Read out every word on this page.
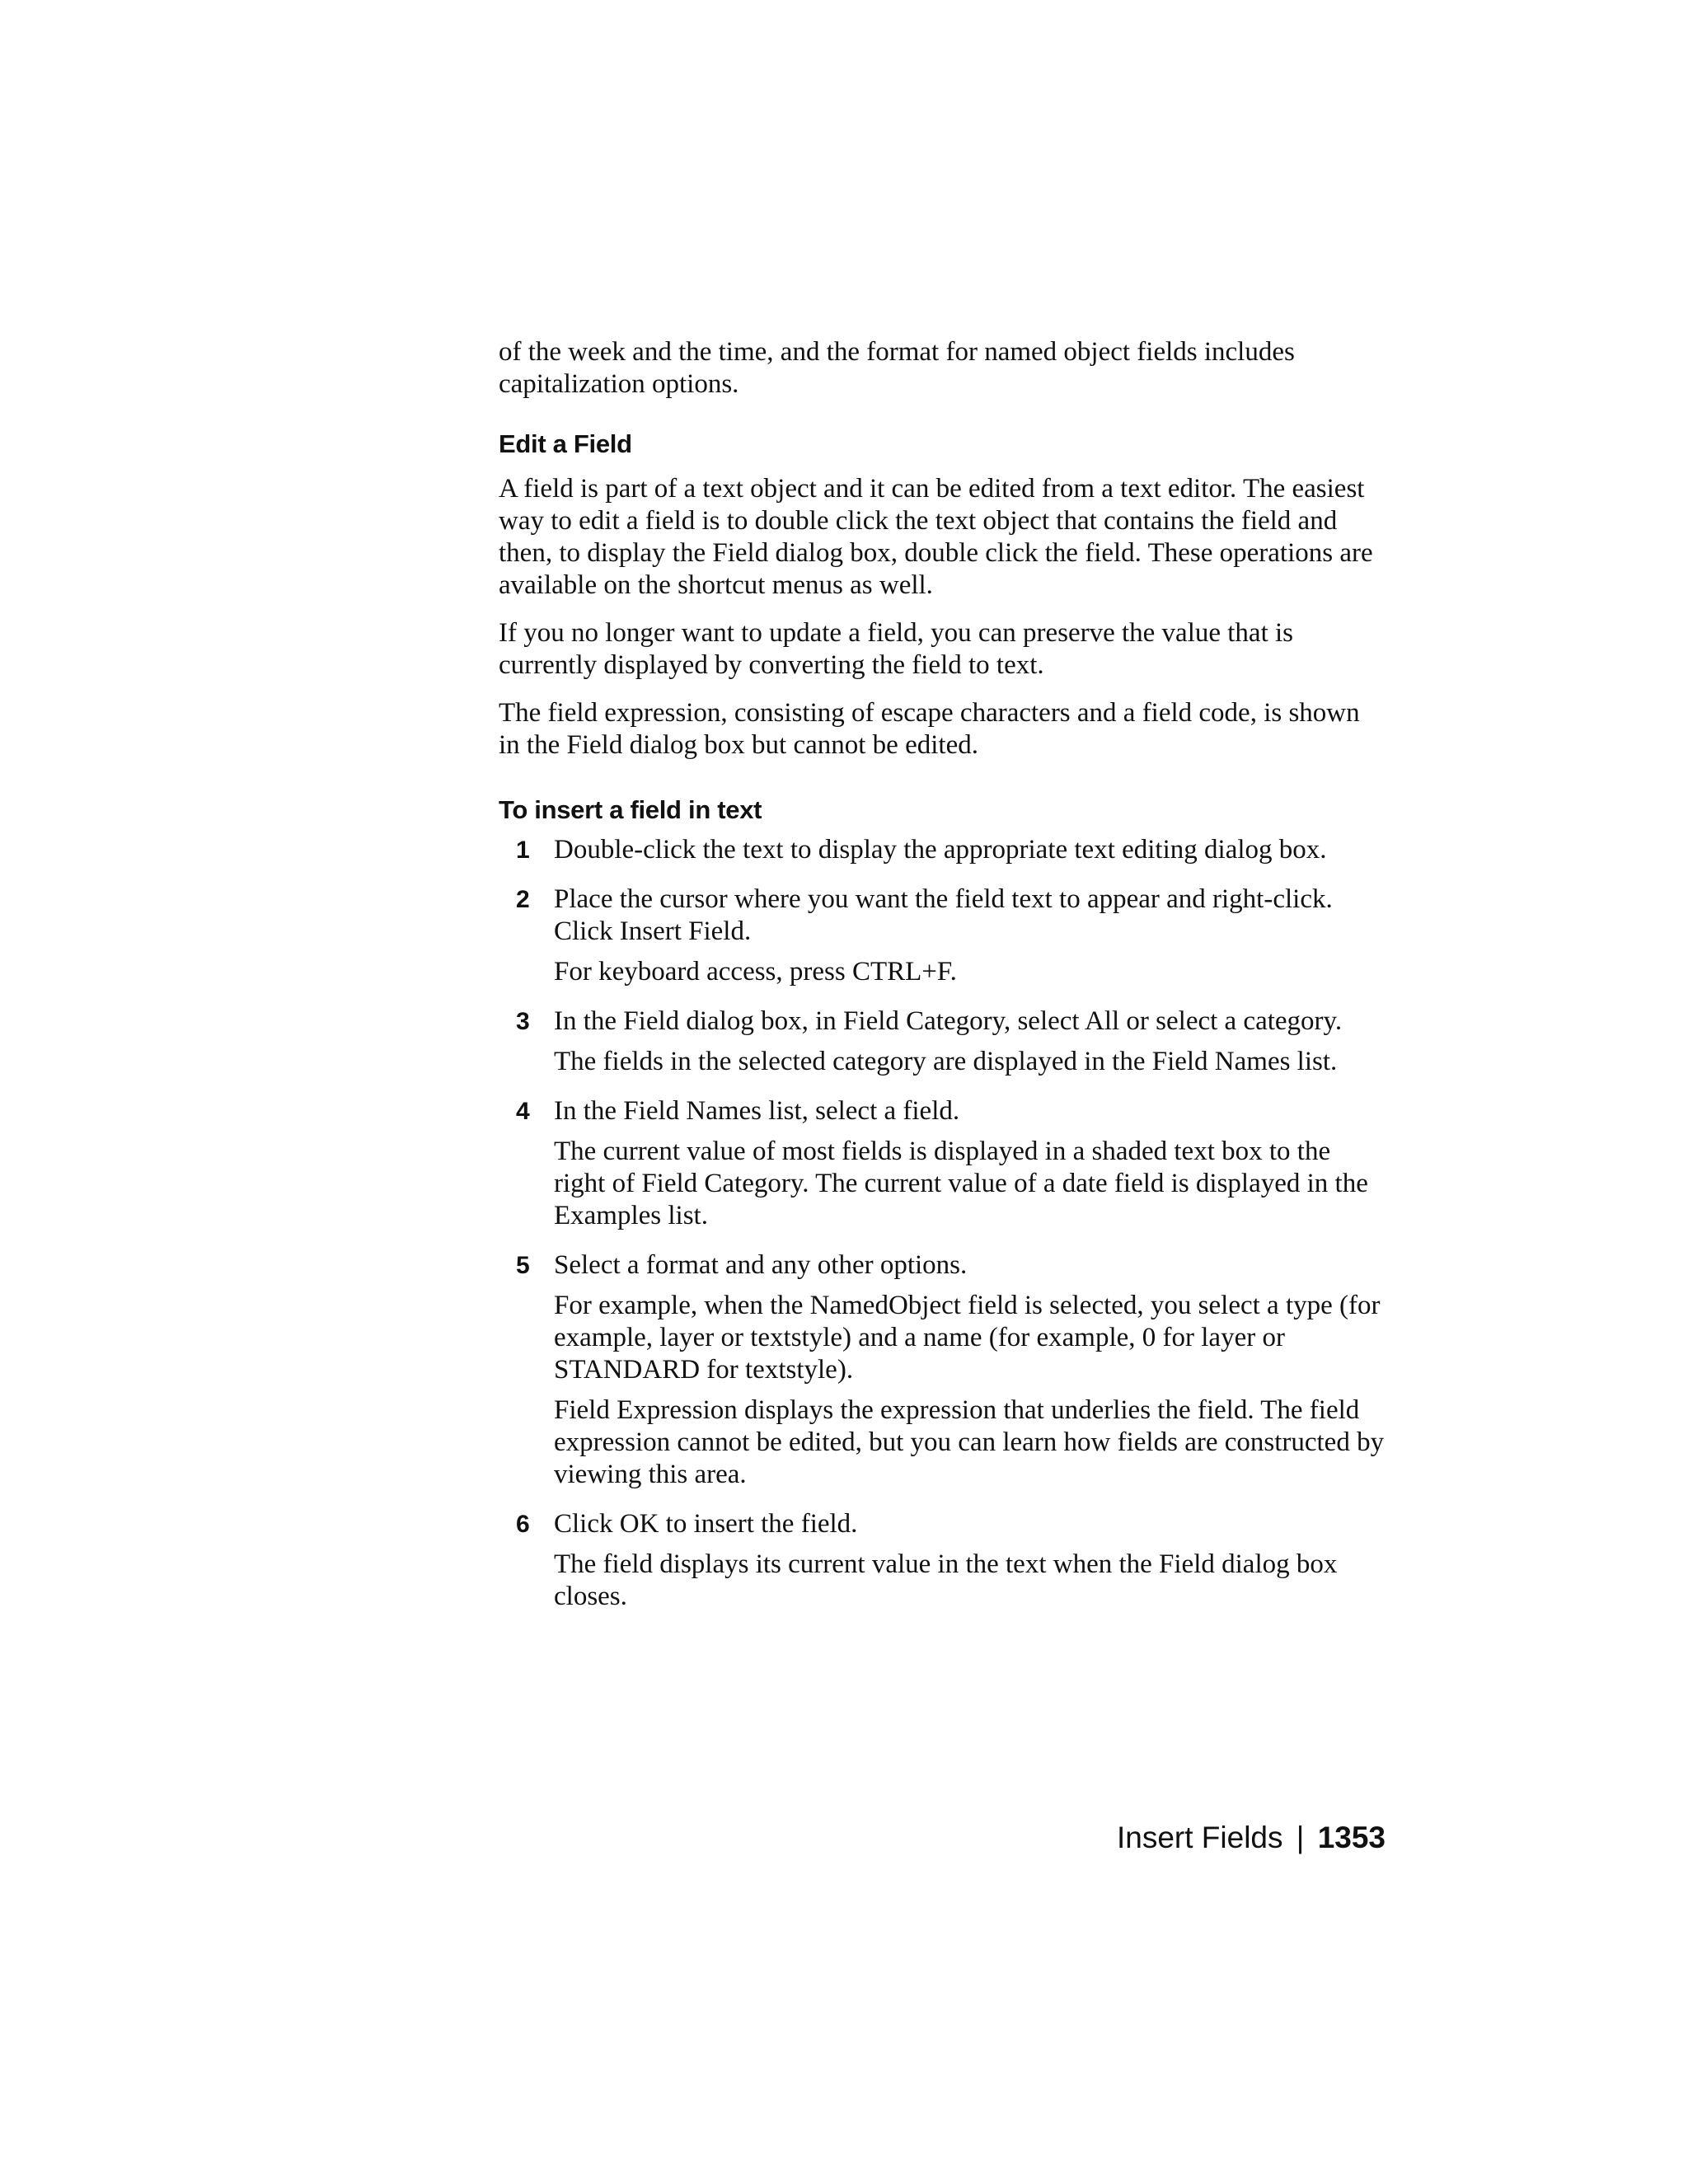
of the week and the time, and the format for named object fields includes capitalization options.

Edit a Field

A field is part of a text object and it can be edited from a text editor. The easiest way to edit a field is to double click the text object that contains the field and then, to display the Field dialog box, double click the field. These operations are available on the shortcut menus as well.

If you no longer want to update a field, you can preserve the value that is currently displayed by converting the field to text.

The field expression, consisting of escape characters and a field code, is shown in the Field dialog box but cannot be edited.

To insert a field in text
1 Double-click the text to display the appropriate text editing dialog box.

2 Place the cursor where you want the field text to appear and right-click. Click Insert Field.

For keyboard access, press CTRL+F.

3 In the Field dialog box, in Field Category, select All or select a category.

The fields in the selected category are displayed in the Field Names list.

4 In the Field Names list, select a field.

The current value of most fields is displayed in a shaded text box to the right of Field Category. The current value of a date field is displayed in the Examples list.

5 Select a format and any other options.

For example, when the NamedObject field is selected, you select a type (for example, layer or textstyle) and a name (for example, 0 for layer or STANDARD for textstyle).

Field Expression displays the expression that underlies the field. The field expression cannot be edited, but you can learn how fields are constructed by viewing this area.

6 Click OK to insert the field.

The field displays its current value in the text when the Field dialog box closes.

Insert Fields | 1353
